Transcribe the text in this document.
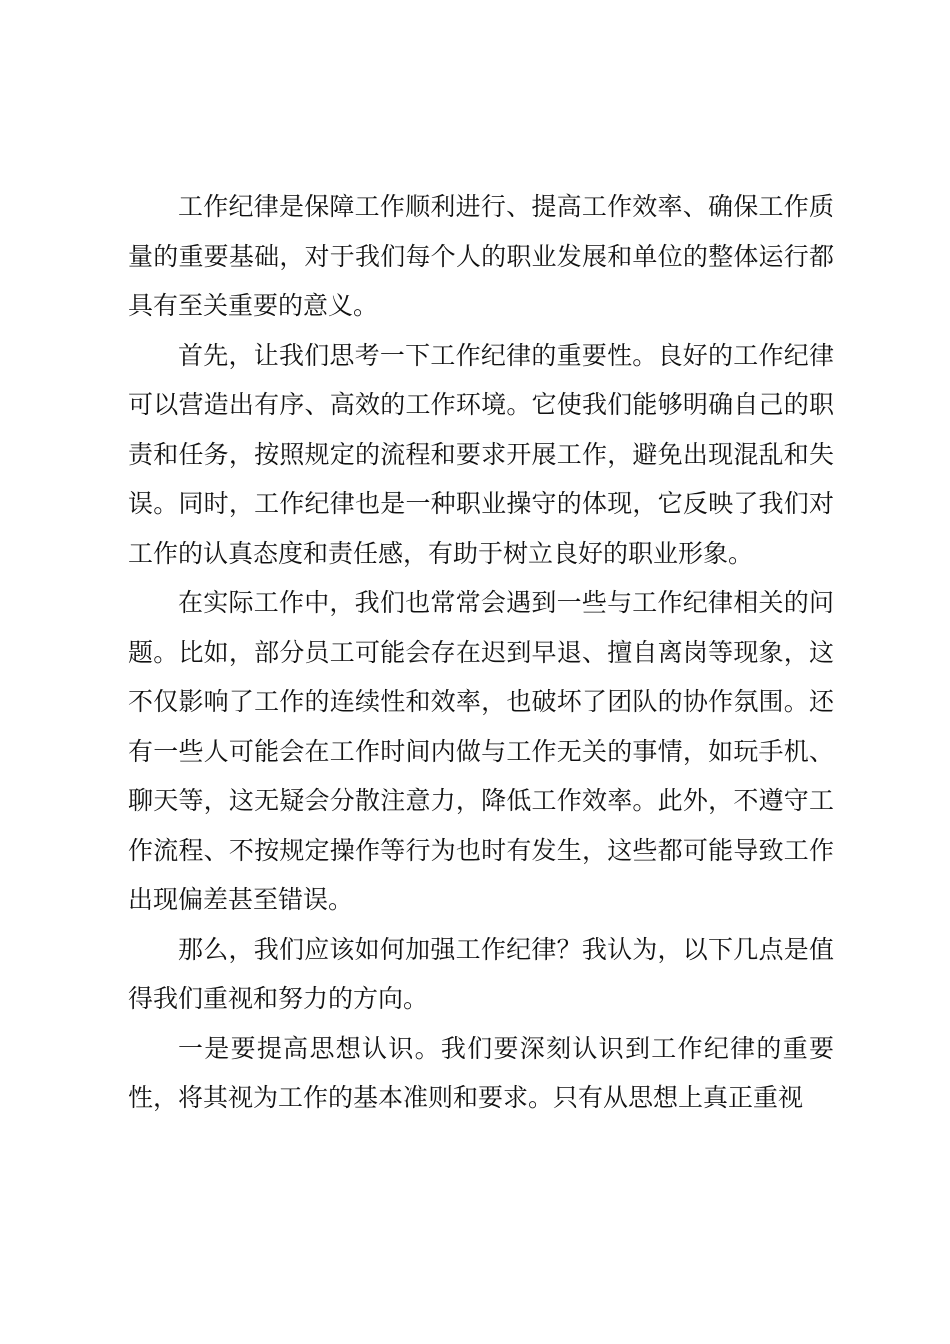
工作纪律是保障工作顺利进行、提高工作效率、确保工作质量的重要基础，对于我们每个人的职业发展和单位的整体运行都具有至关重要的意义。

首先，让我们思考一下工作纪律的重要性。良好的工作纪律可以营造出有序、高效的工作环境。它使我们能够明确自己的职责和任务，按照规定的流程和要求开展工作，避免出现混乱和失误。同时，工作纪律也是一种职业操守的体现，它反映了我们对工作的认真态度和责任感，有助于树立良好的职业形象。

在实际工作中，我们也常常会遇到一些与工作纪律相关的问题。比如，部分员工可能会存在迟到早退、擅自离岗等现象，这不仅影响了工作的连续性和效率，也破坏了团队的协作氛围。还有一些人可能会在工作时间内做与工作无关的事情，如玩手机、聊天等，这无疑会分散注意力，降低工作效率。此外，不遵守工作流程、不按规定操作等行为也时有发生，这些都可能导致工作出现偏差甚至错误。

那么，我们应该如何加强工作纪律？我认为，以下几点是值得我们重视和努力的方向。

一是要提高思想认识。我们要深刻认识到工作纪律的重要性，将其视为工作的基本准则和要求。只有从思想上真正重视
